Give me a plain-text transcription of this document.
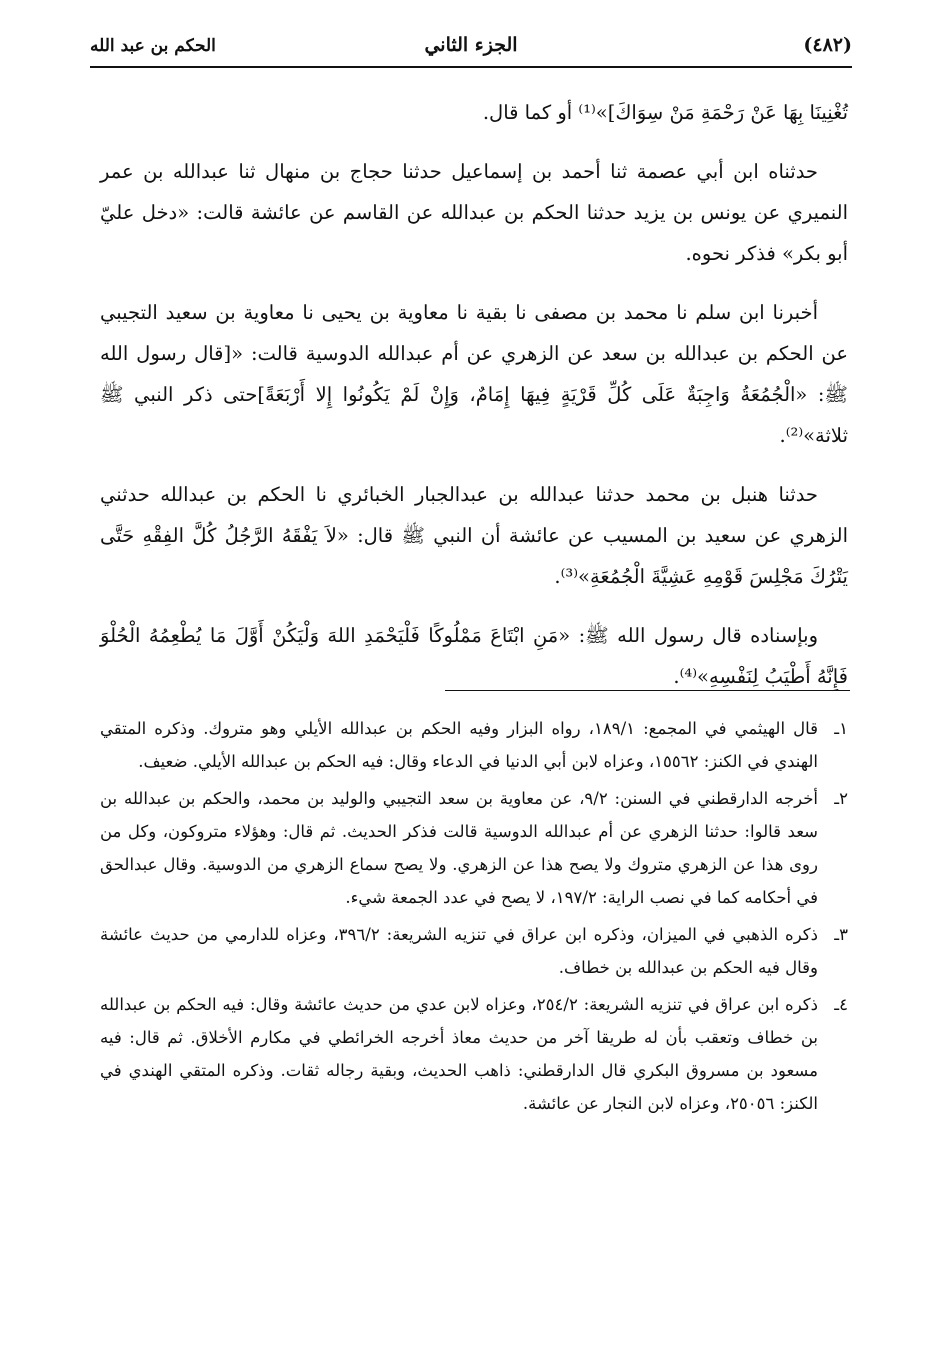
الحكم بن عبد الله	الجزء الثاني	(٤٨٢)

تُغْنِينَا بِهَا عَنْ رَحْمَةِ مَنْ سِوَاكَ]»⁽¹⁾ أو كما قال.

حدثناه ابن أبي عصمة ثنا أحمد بن إسماعيل حدثنا حجاج بن منهال ثنا عبدالله بن عمر النميري عن يونس بن يزيد حدثنا الحكم بن عبدالله عن القاسم عن عائشة قالت: «دخل عليّ أبو بكر» فذكر نحوه.

أخبرنا ابن سلم نا محمد بن مصفى نا بقية نا معاوية بن يحيى نا معاوية بن سعيد التجيبي عن الحكم بن عبدالله بن سعد عن الزهري عن أم عبدالله الدوسية قالت: «[قال رسول الله ﷺ: «الْجُمُعَةُ وَاجِبَةٌ عَلَى كُلِّ قَرْيَةٍ فِيهَا إِمَامٌ، وَإِنْ لَمْ يَكُونُوا إِلا أَرْبَعَةً]حتى ذكر النبي ﷺ ثلاثة»⁽²⁾.

حدثنا هنبل بن محمد حدثنا عبدالله بن عبدالجبار الخبائري نا الحكم بن عبدالله حدثني الزهري عن سعيد بن المسيب عن عائشة أن النبي ﷺ قال: «لاَ يَفْقَهُ الرَّجُلُ كُلَّ الفِقْهِ حَتَّى يَتْرُكَ مَجْلِسَ قَوْمِهِ عَشِيَّةَ الْجُمُعَةِ»⁽³⁾.

وبإسناده قال رسول الله ﷺ: «مَنِ ابْتَاعَ مَمْلُوكًا فَلْيَحْمَدِ اللهَ وَلْيَكُنْ أَوَّلَ مَا يُطْعِمُهُ الْحُلْوَ فَإِنَّهُ أَطْيَبُ لِنَفْسِهِ»⁽⁴⁾.

١ـ
قال الهيثمي في المجمع: ١٨٩/١، رواه البزار وفيه الحكم بن عبدالله الأيلي وهو متروك. وذكره المتقي الهندي في الكنز: ١٥٥٦٢، وعزاه لابن أبي الدنيا في الدعاء وقال: فيه الحكم بن عبدالله الأيلي. ضعيف.
٢ـ
أخرجه الدارقطني في السنن: ٩/٢، عن معاوية بن سعد التجيبي والوليد بن محمد، والحكم بن عبدالله بن سعد قالوا: حدثنا الزهري عن أم عبدالله الدوسية قالت فذكر الحديث. ثم قال: وهؤلاء متروكون، وكل من روى هذا عن الزهري متروك ولا يصح هذا عن الزهري. ولا يصح سماع الزهري من الدوسية. وقال عبدالحق في أحكامه كما في نصب الراية: ١٩٧/٢، لا يصح في عدد الجمعة شيء.
٣ـ
ذكره الذهبي في الميزان، وذكره ابن عراق في تنزيه الشريعة: ٣٩٦/٢، وعزاه للدارمي من حديث عائشة وقال فيه الحكم بن عبدالله بن خطاف.
٤ـ
ذكره ابن عراق في تنزيه الشريعة: ٢٥٤/٢، وعزاه لابن عدي من حديث عائشة وقال: فيه الحكم بن عبدالله بن خطاف وتعقب بأن له طريقا آخر من حديث معاذ أخرجه الخرائطي في مكارم الأخلاق. ثم قال: فيه مسعود بن مسروق البكري قال الدارقطني: ذاهب الحديث، وبقية رجاله ثقات. وذكره المتقي الهندي في الكنز: ٢٥٠٥٦، وعزاه لابن النجار عن عائشة.
